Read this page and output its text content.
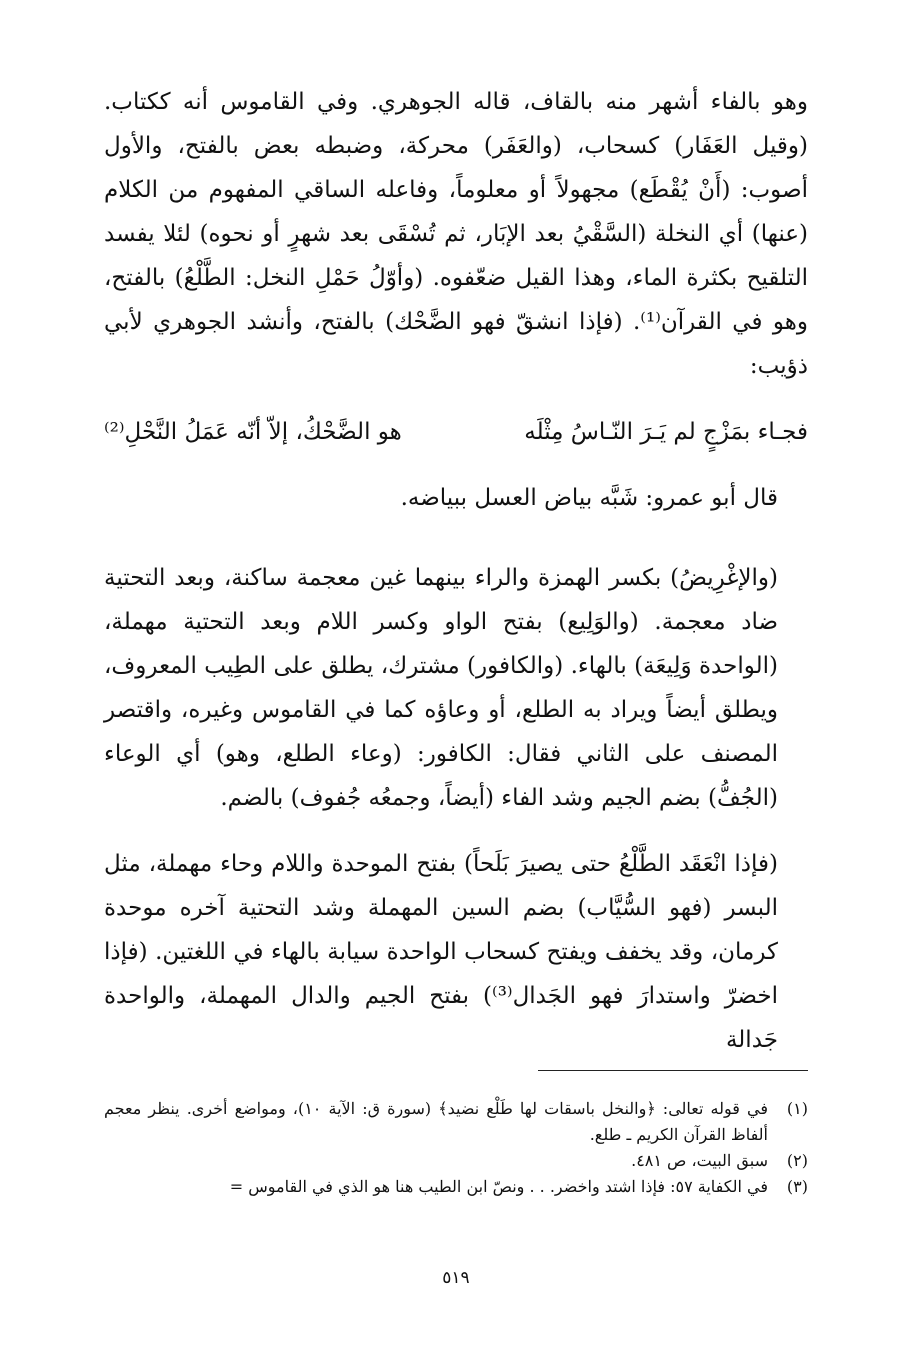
وهو بالفاء أشهر منه بالقاف، قاله الجوهري. وفي القاموس أنه ككتاب. (وقيل العَفَار) كسحاب، (والعَفَر) محركة، وضبطه بعض بالفتح، والأول أصوب: (أَنْ يُقْطَع) مجهولاً أو معلوماً، وفاعله الساقي المفهوم من الكلام (عنها) أي النخلة (السَّقْيُ بعد الإبَار، ثم تُسْقَى بعد شهرٍ أو نحوه) لئلا يفسد التلقيح بكثرة الماء، وهذا القيل ضعّفوه. (وأوّلُ حَمْلِ النخل: الطَّلْعُ) بالفتح، وهو في القرآن⁽¹⁾. (فإذا انشقّ فهو الضَّحْك) بالفتح، وأنشد الجوهري لأبي ذؤيب:

فجـاء بمَزْجٍ لم يَـرَ النّـاسُ مِثْلَه
هو الضَّحْكُ، إلاّ أنّه عَمَلُ النَّحْلِ⁽²⁾

قال أبو عمرو: شَبَّه بياض العسل ببياضه.

(والإغْرِيضُ) بكسر الهمزة والراء بينهما غين معجمة ساكنة، وبعد التحتية ضاد معجمة. (والوَلِيع) بفتح الواو وكسر اللام وبعد التحتية مهملة، (الواحدة وَلِيعَة) بالهاء. (والكافور) مشترك، يطلق على الطِيب المعروف، ويطلق أيضاً ويراد به الطلع، أو وعاؤه كما في القاموس وغيره، واقتصر المصنف على الثاني فقال: الكافور: (وعاء الطلع، وهو) أي الوعاء (الجُفُّ) بضم الجيم وشد الفاء (أيضاً، وجمعُه جُفوف) بالضم.

(فإذا انْعَقَد الطَّلْعُ حتى يصيرَ بَلَحاً) بفتح الموحدة واللام وحاء مهملة، مثل البسر (فهو السُّيَّاب) بضم السين المهملة وشد التحتية آخره موحدة كرمان، وقد يخفف ويفتح كسحاب الواحدة سيابة بالهاء في اللغتين. (فإذا اخضرّ واستدارَ فهو الجَدال⁽³⁾) بفتح الجيم والدال المهملة، والواحدة جَدالة

(١)
في قوله تعالى: ﴿والنخل باسقات لها طَلْع نضيد﴾ (سورة ق: الآية ١٠)، ومواضع أخرى. ينظر معجم ألفاظ القرآن الكريم ـ طلع.
(٢)
سبق البيت، ص ٤٨١.
(٣)
في الكفاية ٥٧: فإذا اشتد واخضر. . . ونصّ ابن الطيب هنا هو الذي في القاموس =
٥١٩
